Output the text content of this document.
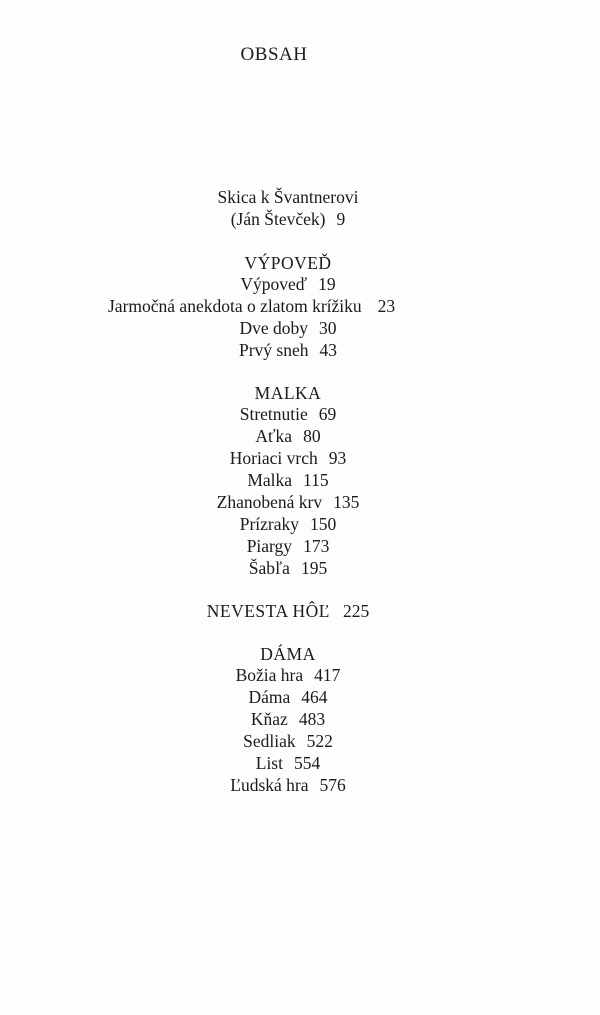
OBSAH
Skica k Švantnerovi
(Ján Števček) 9
VÝPOVEĎ
Výpoveď 19
Jarmočná anekdota o zlatom krížiku 23
Dve doby 30
Prvý sneh 43
MALKA
Stretnutie 69
Aťka 80
Horiaci vrch 93
Malka 115
Zhanobená krv 135
Prízraky 150
Piargy 173
Šabľa 195
NEVESTA HÔĽ 225
DÁMA
Božia hra 417
Dáma 464
Kňaz 483
Sedliak 522
List 554
Ľudská hra 576
